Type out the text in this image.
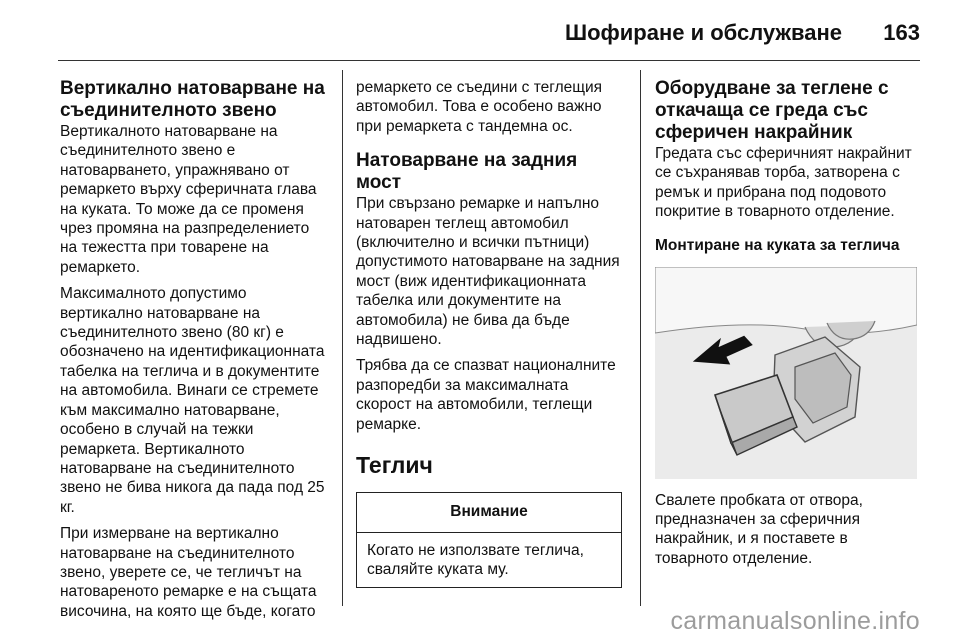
Шофиране и обслужване 163
Вертикално натоварване на съединителното звено

Вертикалното натоварване на съединителното звено е натоварването, упражнявано от ремаркето върху сферичната глава на куката. То може да се променя чрез промяна на разпределението на тежестта при товарене на ремаркето.

Максималното допустимо вертикално натоварване на съединителното звено (80 кг) е обозначено на идентификационната табелка на теглича и в документите на автомобила. Винаги се стремете към максимално натоварване, особено в случай на тежки ремаркета. Вертикалното натоварване на съединителното звено не бива никога да пада под 25 кг.

При измерване на вертикално натоварване на съединителното звено, уверете се, че тегличът на натовареното ремарке е на същата височина, на която ще бъде, когато

ремаркето се съедини с теглещия автомобил. Това е особено важно при ремаркета с тандемна ос.

Натоварване на задния мост

При свързано ремарке и напълно натоварен теглещ автомобил (включително и всички пътници) допустимото натоварване на задния мост (виж идентификационната табелка или документите на автомобила) не бива да бъде надвишено.

Трябва да се спазват националните разпоредби за максималната скорост на автомобили, теглещи ремарке.

Теглич
Внимание
Когато не използвате теглича, сваляйте куката му.
Оборудване за теглене с откачаща се греда със сферичен накрайник

Гредата със сферичният накрайнит се съхранявав торба, затворена с ремък и прибрана под подовото покритие в товарното отделение.

Монтиране на куката за теглича

Свалете пробката от отвора, предназначен за сферичния накрайник, и я поставете в товарното отделение.

carmanualsonline.info
